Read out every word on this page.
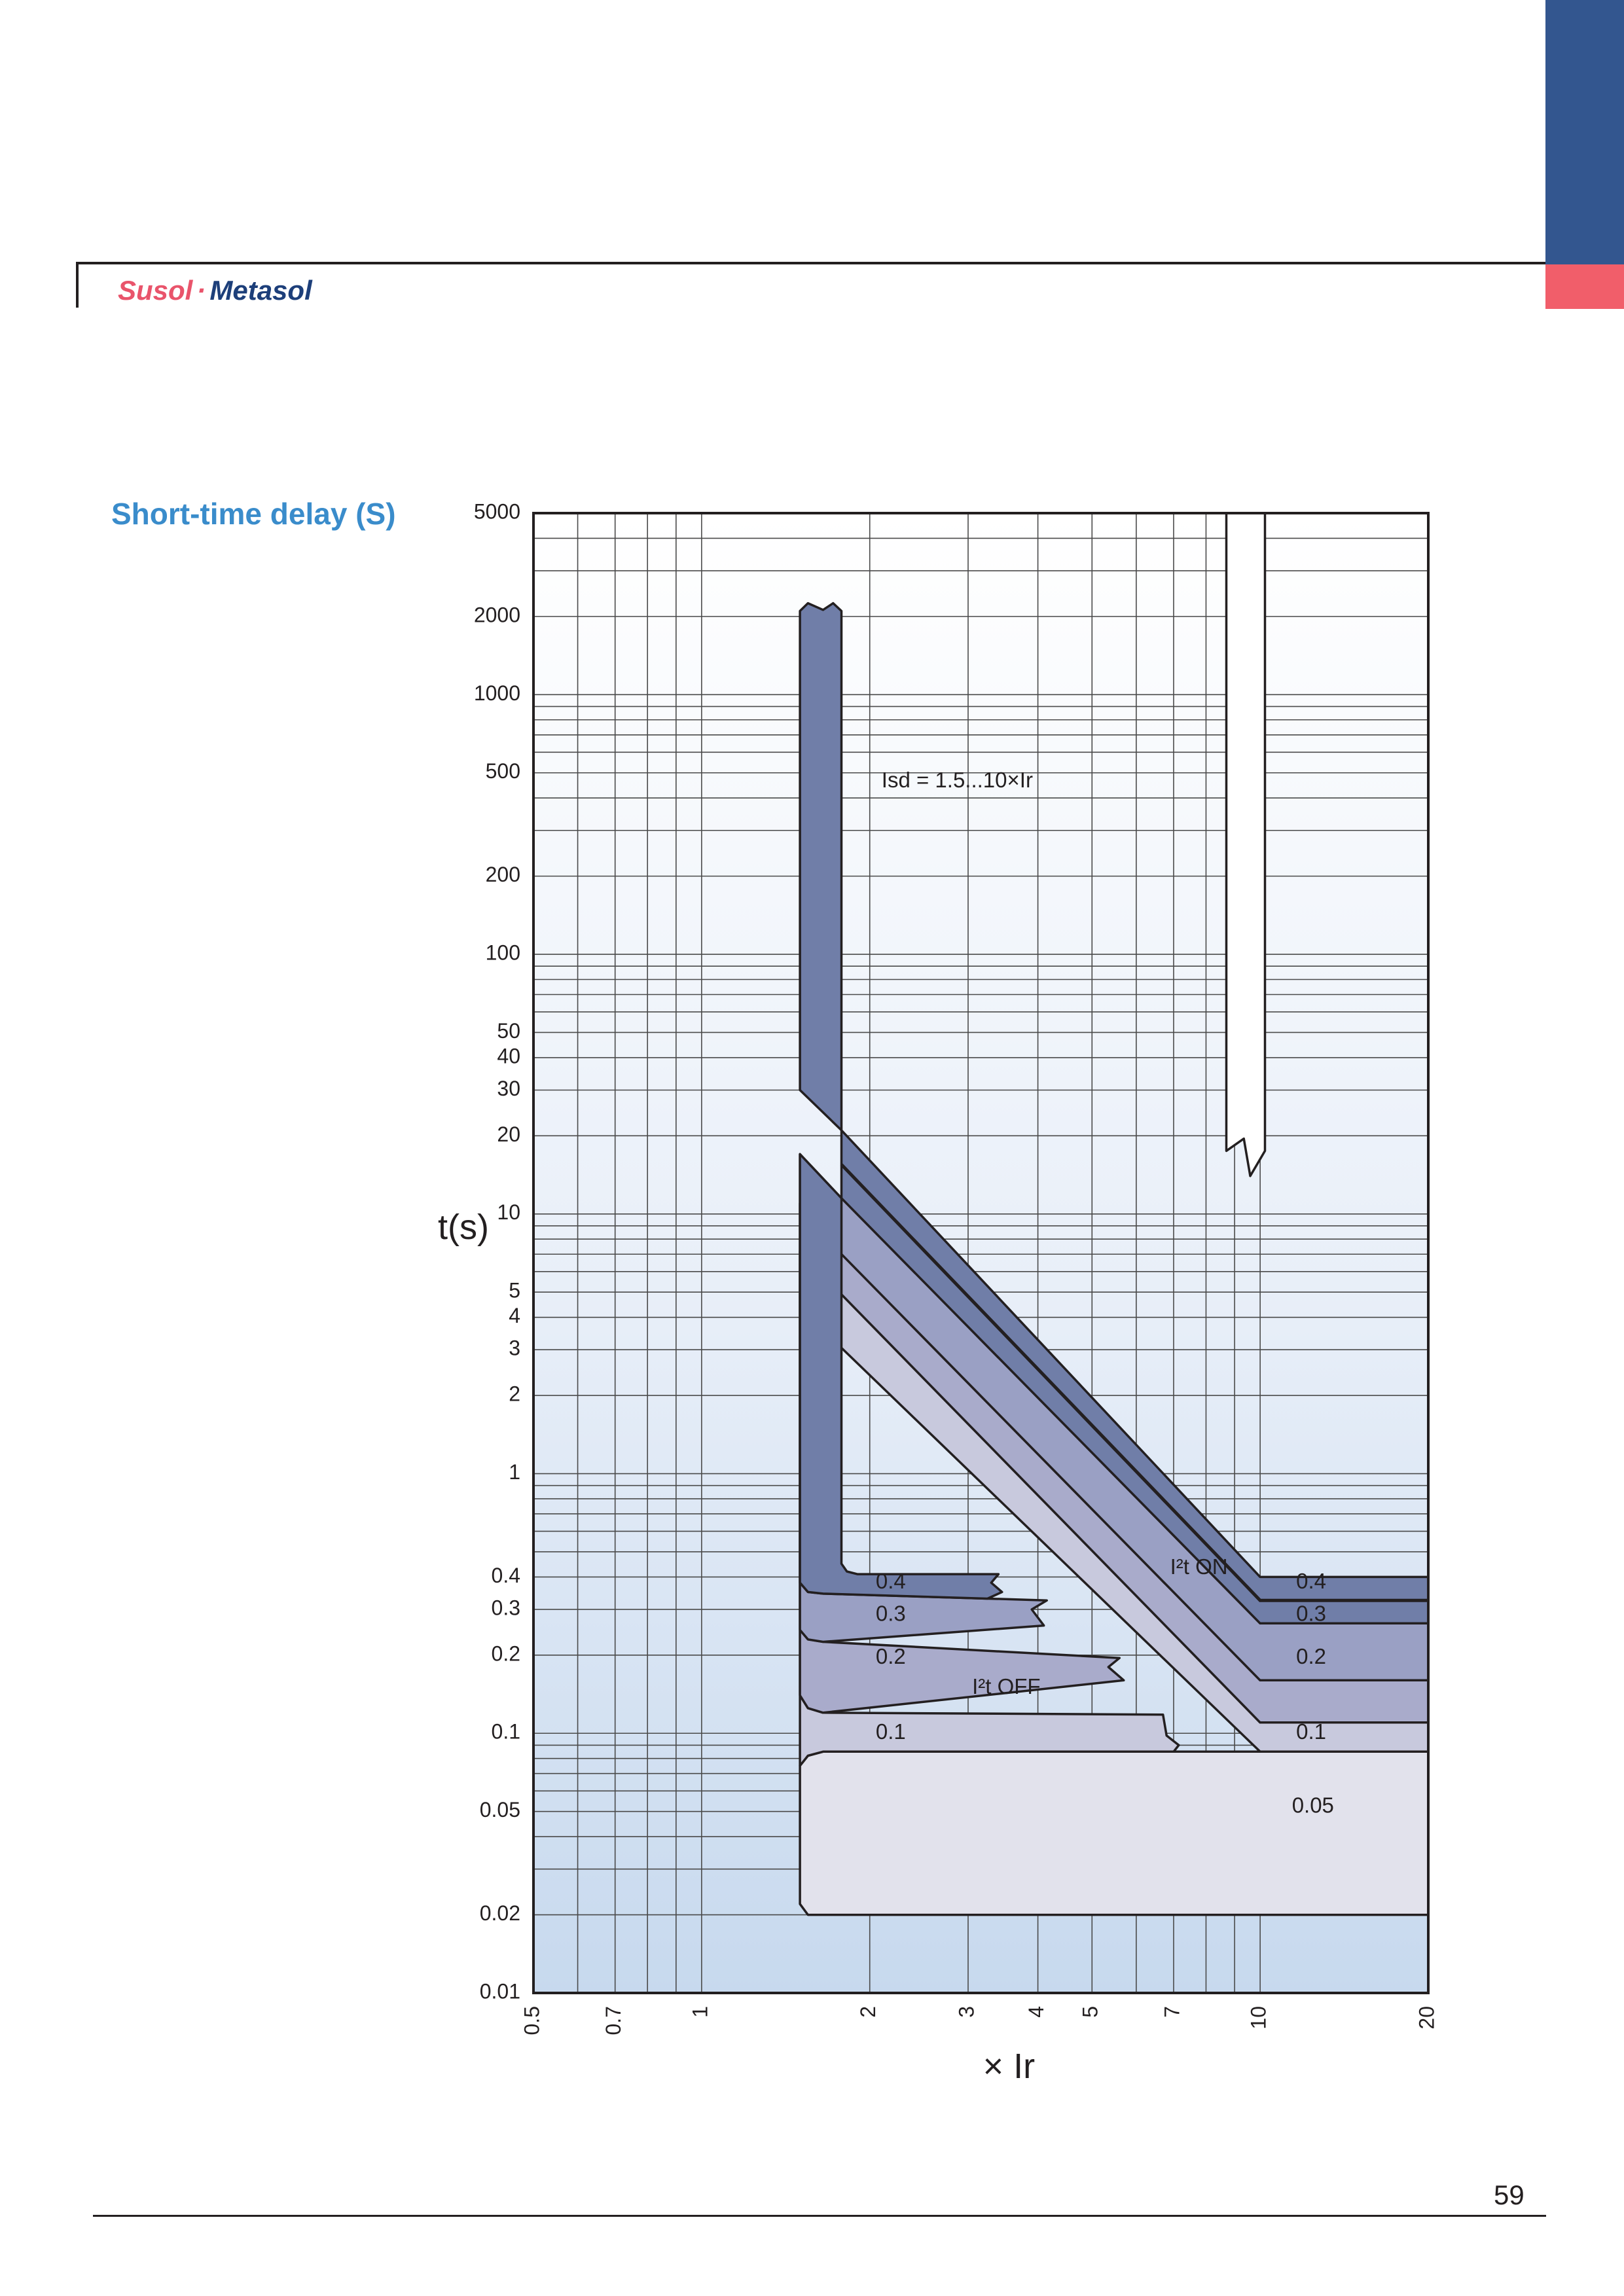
Susol · Metasol
Short-time delay (S)
0.5	0.7	1	2	3 4 5	7	10	20
5000
2000
1000
500
200
100
50
40
30
20
10
5
4
3
2
1
0.4
0.3
0.2
0.1
0.05
0.02
0.01
t(s)
× Ir
0.4
0.3
0.2
0.1
0.4
0.3
0.2
0.1
0.05
Isd = 1.5...10×Ir
I²t ON
I²t OFF
59
